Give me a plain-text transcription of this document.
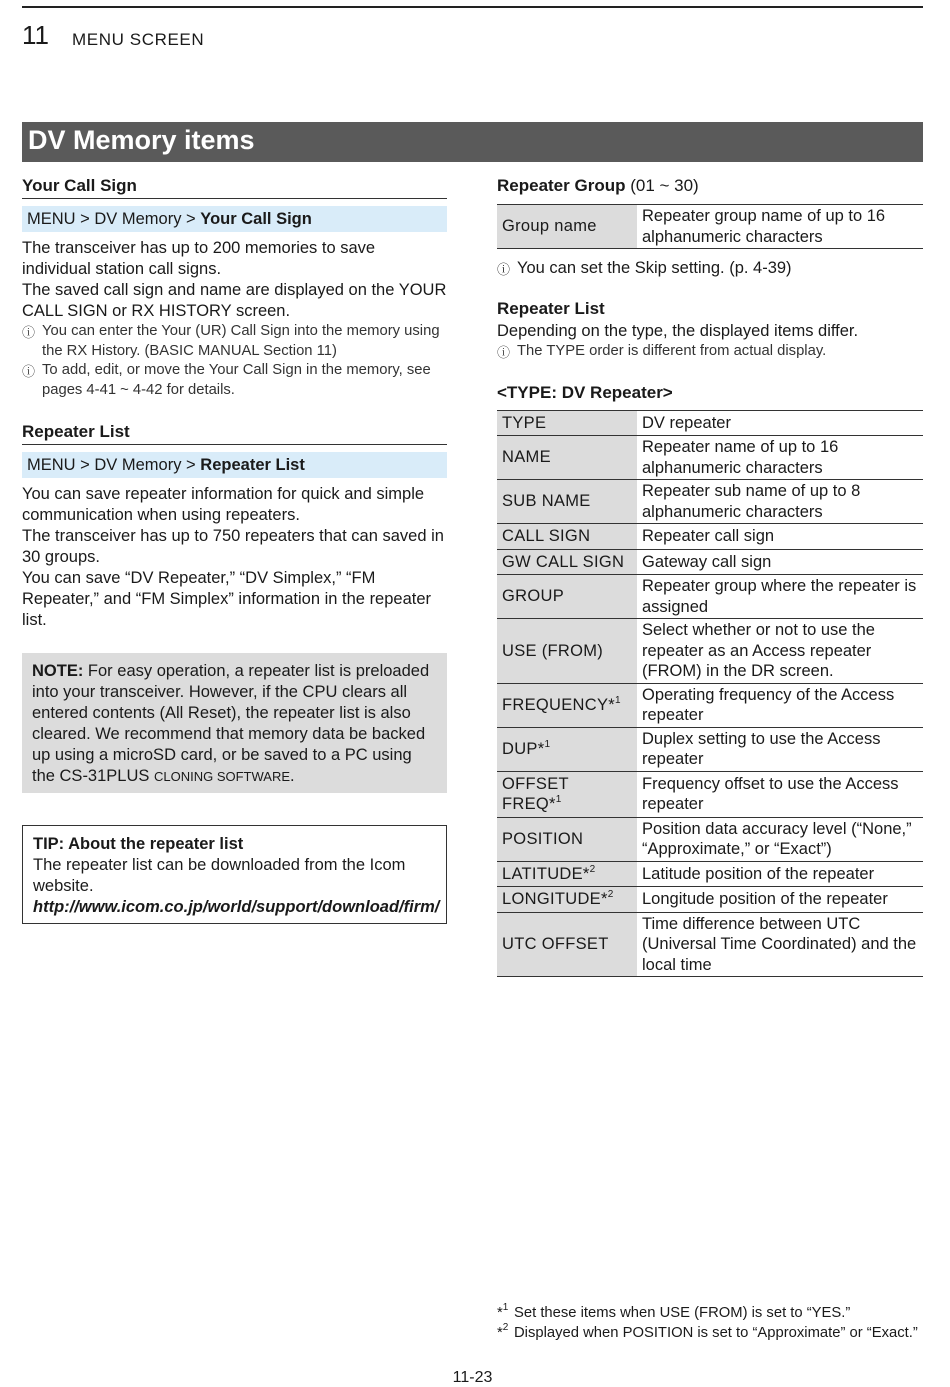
11 MENU SCREEN
DV Memory items
Your Call Sign
MENU > DV Memory > Your Call Sign
The transceiver has up to 200 memories to save individual station call signs.
The saved call sign and name are displayed on the YOUR CALL SIGN or RX HISTORY screen.
ⓘ You can enter the Your (UR) Call Sign into the memory using the RX History. (BASIC MANUAL Section 11)
ⓘ To add, edit, or move the Your Call Sign in the memory, see pages 4-41 ~ 4-42 for details.
Repeater List
MENU > DV Memory > Repeater List
You can save repeater information for quick and simple communication when using repeaters.
The transceiver has up to 750 repeaters that can saved in 30 groups.
You can save “DV Repeater,” “DV Simplex,” “FM Repeater,” and “FM Simplex” information in the repeater list.
NOTE: For easy operation, a repeater list is preloaded into your transceiver. However, if the CPU clears all entered contents (All Reset), the repeater list is also cleared. We recommend that memory data be backed up using a microSD card, or be saved to a PC using the CS-31PLUS CLONING SOFTWARE.
TIP: About the repeater list
The repeater list can be downloaded from the Icom website.
http://www.icom.co.jp/world/support/download/firm/
Repeater Group (01 ~ 30)
Group name	Repeater group name of up to 16 alphanumeric characters
ⓘ You can set the Skip setting. (p. 4-39)
Repeater List
Depending on the type, the displayed items differ.
ⓘ The TYPE order is different from actual display.
<TYPE: DV Repeater>
TYPE	DV repeater
NAME	Repeater name of up to 16 alphanumeric characters
SUB NAME	Repeater sub name of up to 8 alphanumeric characters
CALL SIGN	Repeater call sign
GW CALL SIGN	Gateway call sign
GROUP	Repeater group where the repeater is assigned
USE (FROM)	Select whether or not to use the repeater as an Access repeater (FROM) in the DR screen.
FREQUENCY*$^1$	Operating frequency of the Access repeater
DUP*$^1$	Duplex setting to use the Access repeater
OFFSET FREQ*$^1$	Frequency offset to use the Access repeater
POSITION	Position data accuracy level (“None,” “Approximate,” or “Exact”)
LATITUDE*$^2$	Latitude position of the repeater
LONGITUDE*$^2$	Longitude position of the repeater
UTC OFFSET	Time difference between UTC (Universal Time Coordinated) and the local time
*$^1$ Set these items when USE (FROM) is set to “YES.”
*$^2$ Displayed when POSITION is set to “Approximate” or “Exact.”
11-23
